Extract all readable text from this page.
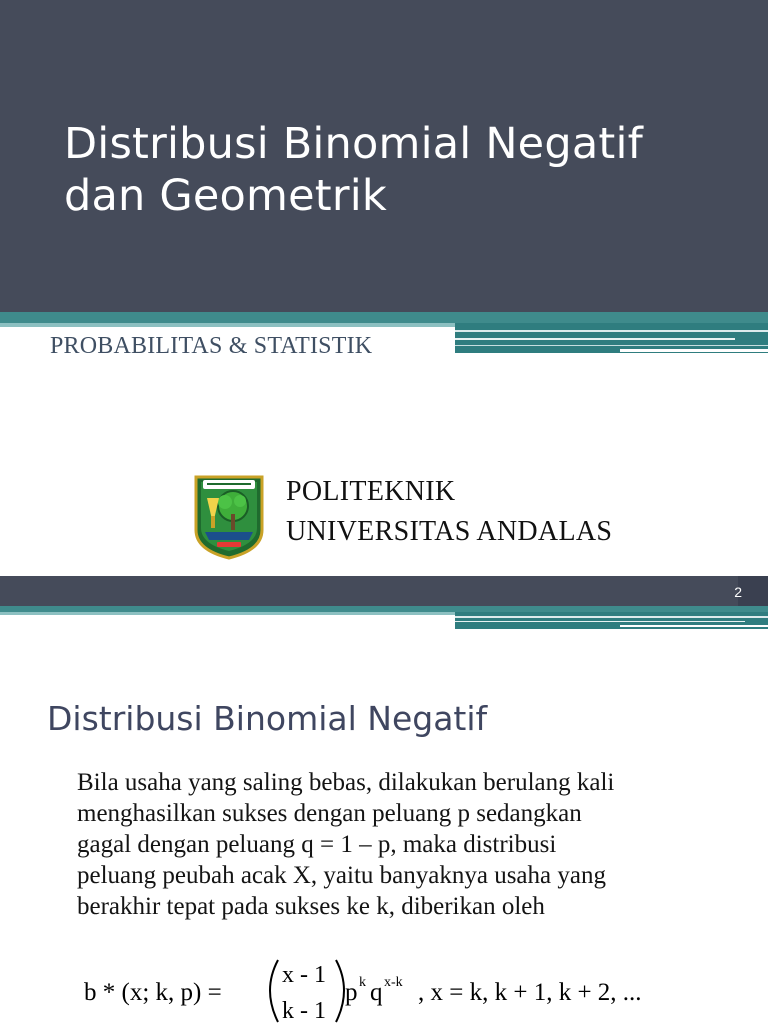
Distribusi Binomial Negatif
dan Geometrik
PROBABILITAS & STATISTIK
POLITEKNIK
UNIVERSITAS ANDALAS
2
Distribusi Binomial Negatif
Bila usaha yang saling bebas, dilakukan berulang kali
menghasilkan sukses dengan peluang p sedangkan
gagal dengan peluang q = 1 – p, maka distribusi
peluang peubah acak X, yaitu banyaknya usaha yang
berakhir tepat pada sukses ke k, diberikan oleh
b * (x; k, p) =
x - 1
k - 1
p k q x-k , x = k, k + 1, k + 2, ...
